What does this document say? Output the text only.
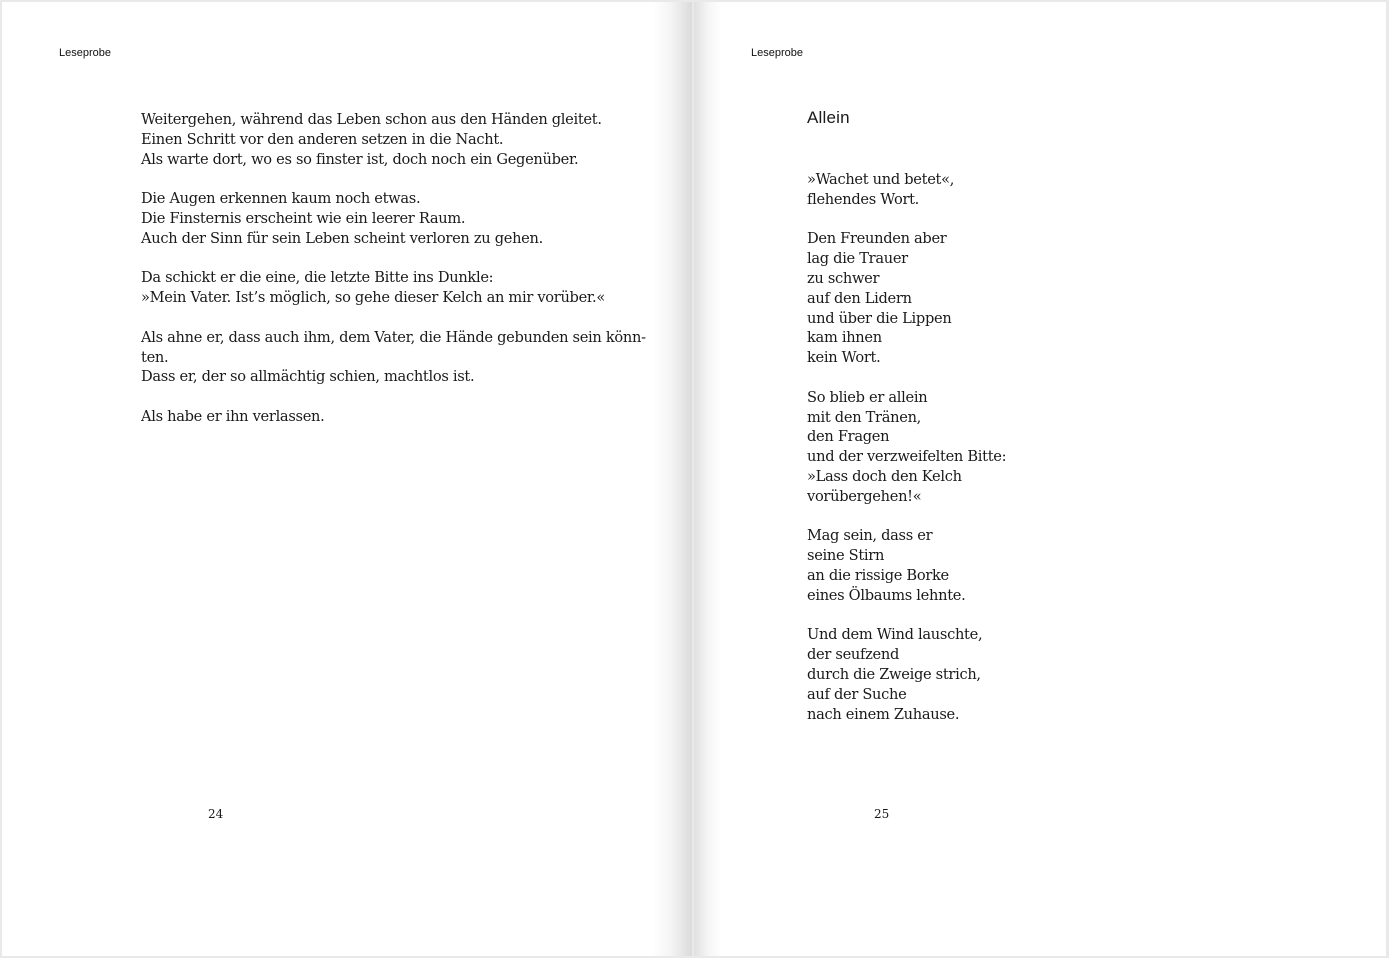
Leseprobe
Weitergehen, während das Leben schon aus den Händen gleitet.
Einen Schritt vor den anderen setzen in die Nacht.
Als warte dort, wo es so finster ist, doch noch ein Gegenüber.
Die Augen erkennen kaum noch etwas.
Die Finsternis erscheint wie ein leerer Raum.
Auch der Sinn für sein Leben scheint verloren zu gehen.
Da schickt er die eine, die letzte Bitte ins Dunkle:
»Mein Vater. Ist’s möglich, so gehe dieser Kelch an mir vorüber.«
Als ahne er, dass auch ihm, dem Vater, die Hände gebunden sein könn-
ten.
Dass er, der so allmächtig schien, machtlos ist.
Als habe er ihn verlassen.
24
Leseprobe
Allein
»Wachet und betet«,
flehendes Wort.
Den Freunden aber
lag die Trauer
zu schwer
auf den Lidern
und über die Lippen
kam ihnen
kein Wort.
So blieb er allein
mit den Tränen,
den Fragen
und der verzweifelten Bitte:
»Lass doch den Kelch
vorübergehen!«
Mag sein, dass er
seine Stirn
an die rissige Borke
eines Ölbaums lehnte.
Und dem Wind lauschte,
der seufzend
durch die Zweige strich,
auf der Suche
nach einem Zuhause.
25
